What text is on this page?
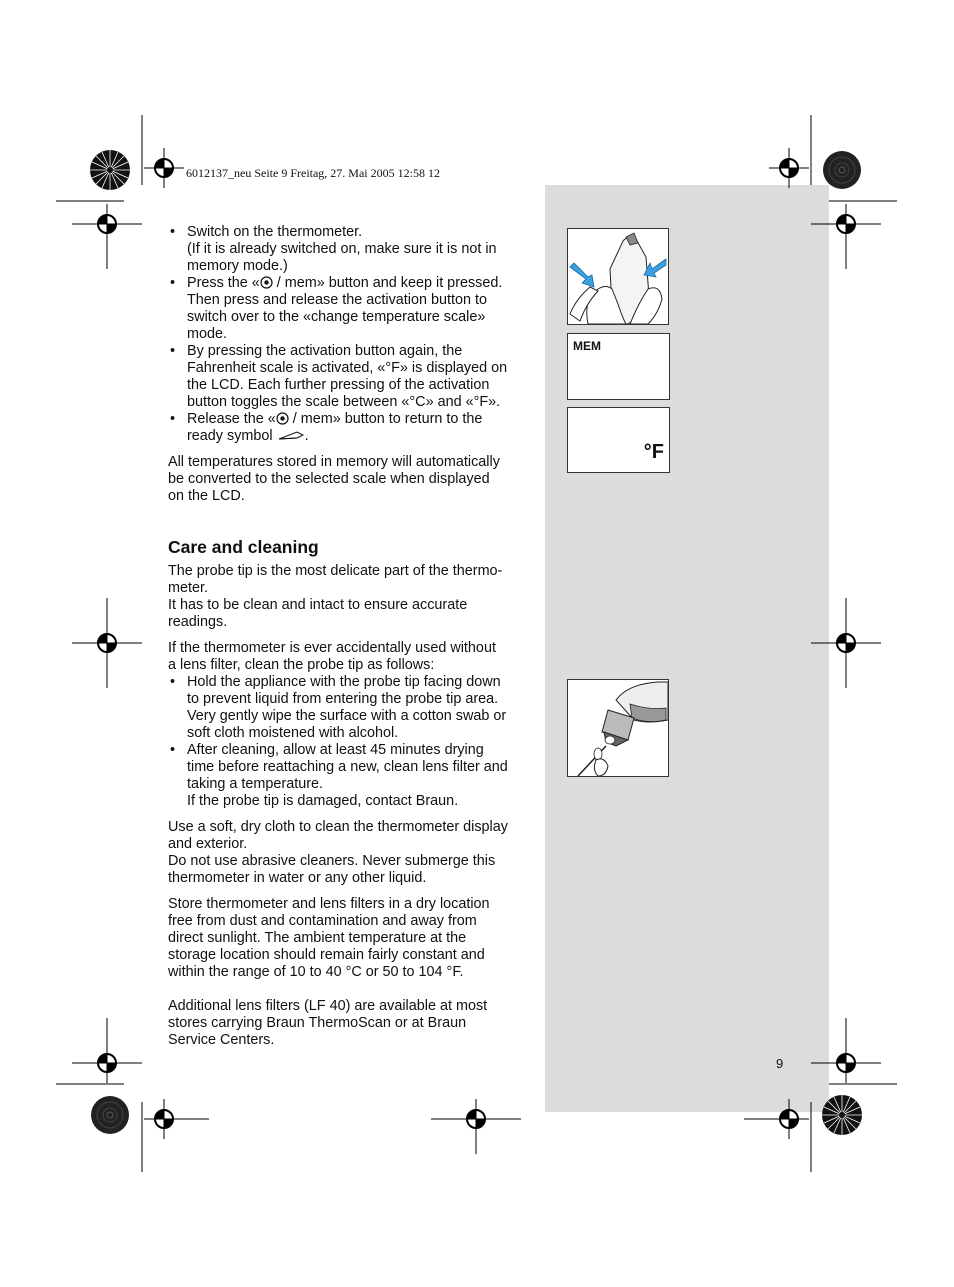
6012137_neu Seite 9 Freitag, 27. Mai 2005 12:58 12
• Switch on the thermometer.
(If it is already switched on, make sure it is not in
memory mode.)
• Press the « / mem» button and keep it pressed.
Then press and release the activation button to
switch over to the «change temperature scale»
mode.
• By pressing the activation button again, the
Fahrenheit scale is activated, «°F» is displayed on
the LCD. Each further pressing of the activation
button toggles the scale between «°C» and «°F».
• Release the « / mem» button to return to the
ready symbol .

All temperatures stored in memory will automatically
be converted to the selected scale when displayed
on the LCD.

Care and cleaning

The probe tip is the most delicate part of the thermo-
meter.
It has to be clean and intact to ensure accurate
readings.

If the thermometer is ever accidentally used without
a lens filter, clean the probe tip as follows:

• Hold the appliance with the probe tip facing down
to prevent liquid from entering the probe tip area.
Very gently wipe the surface with a cotton swab or
soft cloth moistened with alcohol.
• After cleaning, allow at least 45 minutes drying
time before reattaching a new, clean lens filter and
taking a temperature.
If the probe tip is damaged, contact Braun.

Use a soft, dry cloth to clean the thermometer display
and exterior.
Do not use abrasive cleaners. Never submerge this
thermometer in water or any other liquid.

Store thermometer and lens filters in a dry location
free from dust and contamination and away from
direct sunlight. The ambient temperature at the
storage location should remain fairly constant and
within the range of 10 to 40 °C or 50 to 104 °F.

Additional lens filters (LF 40) are available at most
stores carrying Braun ThermoScan or at Braun
Service Centers.

MEM
°F
9
